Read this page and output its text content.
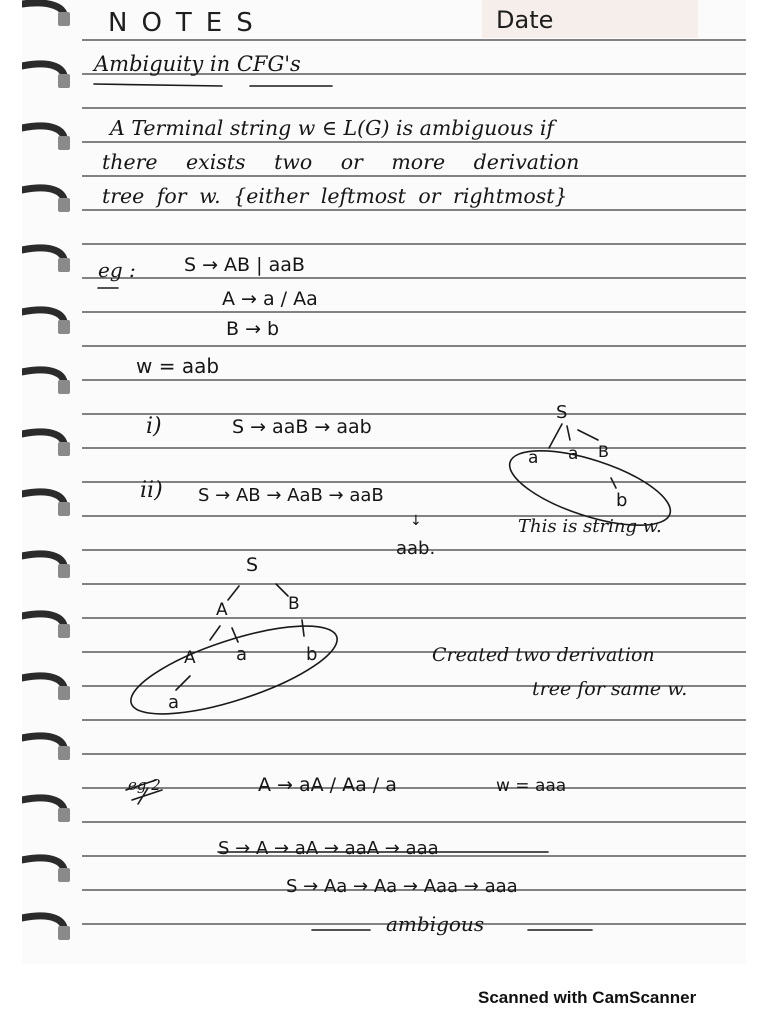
NOTES	Date
Ambiguity in CFG's
A Terminal string w ∈ L(G) is ambiguous if
there exists two or more derivation
tree for w. {either leftmost or rightmost}
eg :	S → AB | aaB
A → a / Aa
B → b
w = aab
i)	S → aaB → aab
ii) S → AB → AaB → aaB
↓
aab.
S
a a B
b
This is string w.
S
A	B
A a	b
a
Created two derivation
tree for same w.
eg 2	A → aA / Aa / a	w = aaa
S → A → aA → aaA → aaa
S → Aa → Aa → Aaa → aaa
ambigous
Scanned with CamScanner
